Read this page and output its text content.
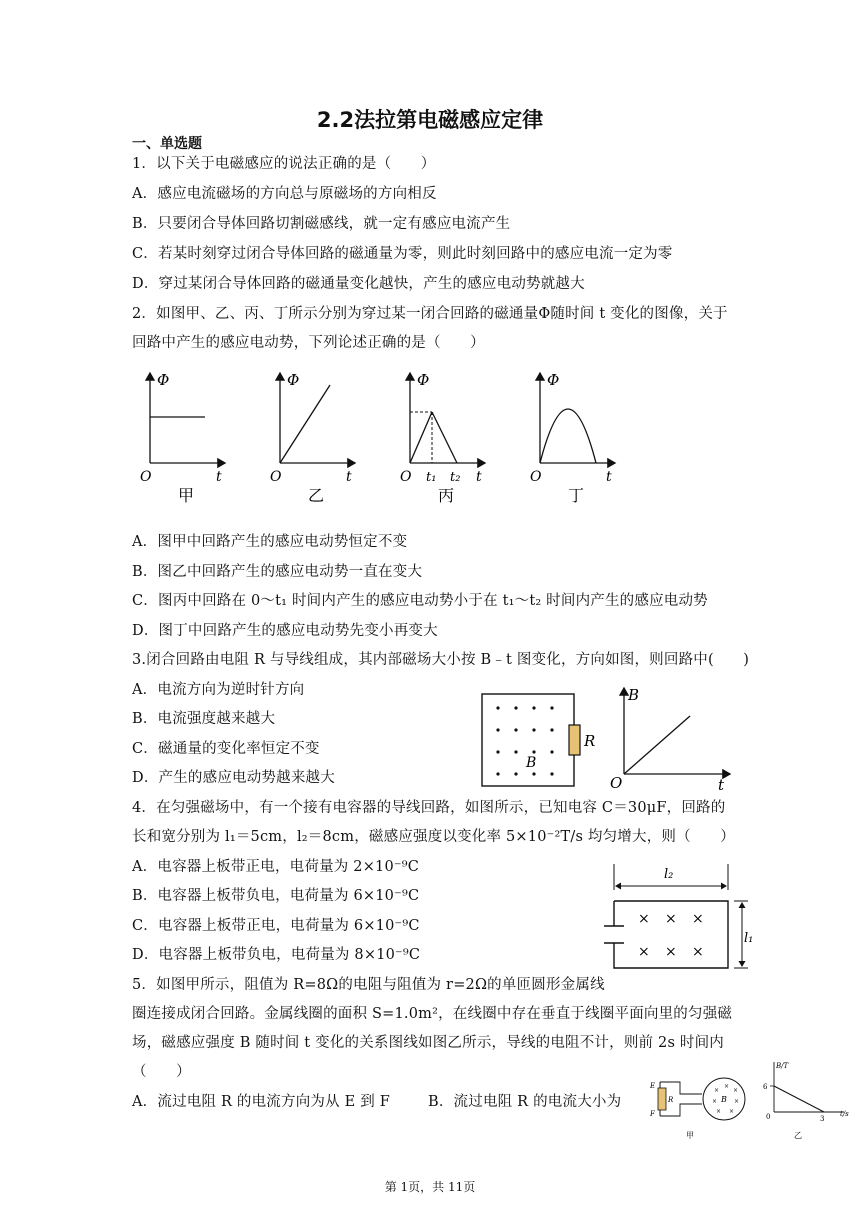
2.2法拉第电磁感应定律
一、单选题
1．以下关于电磁感应的说法正确的是（　　）
A．感应电流磁场的方向总与原磁场的方向相反
B．只要闭合导体回路切割磁感线，就一定有感应电流产生
C．若某时刻穿过闭合导体回路的磁通量为零，则此时刻回路中的感应电流一定为零
D．穿过某闭合导体回路的磁通量变化越快，产生的感应电动势就越大
2．如图甲、乙、丙、丁所示分别为穿过某一闭合回路的磁通量Φ随时间 t 变化的图像，关于
回路中产生的感应电动势，下列论述正确的是（　　）
Φ
O	t
甲
Φ
O	t
乙
Φ
O t₁ t₂ t
丙
Φ
O	t
丁
A．图甲中回路产生的感应电动势恒定不变
B．图乙中回路产生的感应电动势一直在变大
C．图丙中回路在 0～t₁ 时间内产生的感应电动势小于在 t₁～t₂ 时间内产生的感应电动势
D．图丁中回路产生的感应电动势先变小再变大
3.闭合回路由电阻 R 与导线组成，其内部磁场大小按 B﹣t 图变化，方向如图，则回路中(　　)
A．电流方向为逆时针方向
B．电流强度越来越大
C．磁通量的变化率恒定不变
D．产生的感应电动势越来越大
R
B
B
O	t
4．在匀强磁场中，有一个接有电容器的导线回路，如图所示，已知电容 C＝30μF，回路的
长和宽分别为 l₁＝5cm，l₂＝8cm，磁感应强度以变化率 5×10⁻²T/s 均匀增大，则（　　）
A．电容器上板带正电，电荷量为 2×10⁻⁹C
B．电容器上板带负电，电荷量为 6×10⁻⁹C
C．电容器上板带正电，电荷量为 6×10⁻⁹C
D．电容器上板带负电，电荷量为 8×10⁻⁹C
l₂
× × ×
× × ×
l₁
5．如图甲所示，阻值为 R=8Ω的电阻与阻值为 r=2Ω的单匝圆形金属线
圈连接成闭合回路。金属线圈的面积 S=1.0m²，在线圈中存在垂直于线圈平面向里的匀强磁
场，磁感应强度 B 随时间 t 变化的关系图线如图乙所示，导线的电阻不计，则前 2s 时间内
（　　）
A．流过电阻 R 的电流方向为从 E 到 F	B．流过电阻 R 的电流大小为
×
×
×
×	×
× ×
E
F
R	B
甲
B/T
6
0	3
t/s
乙
第 1页，共 11页
